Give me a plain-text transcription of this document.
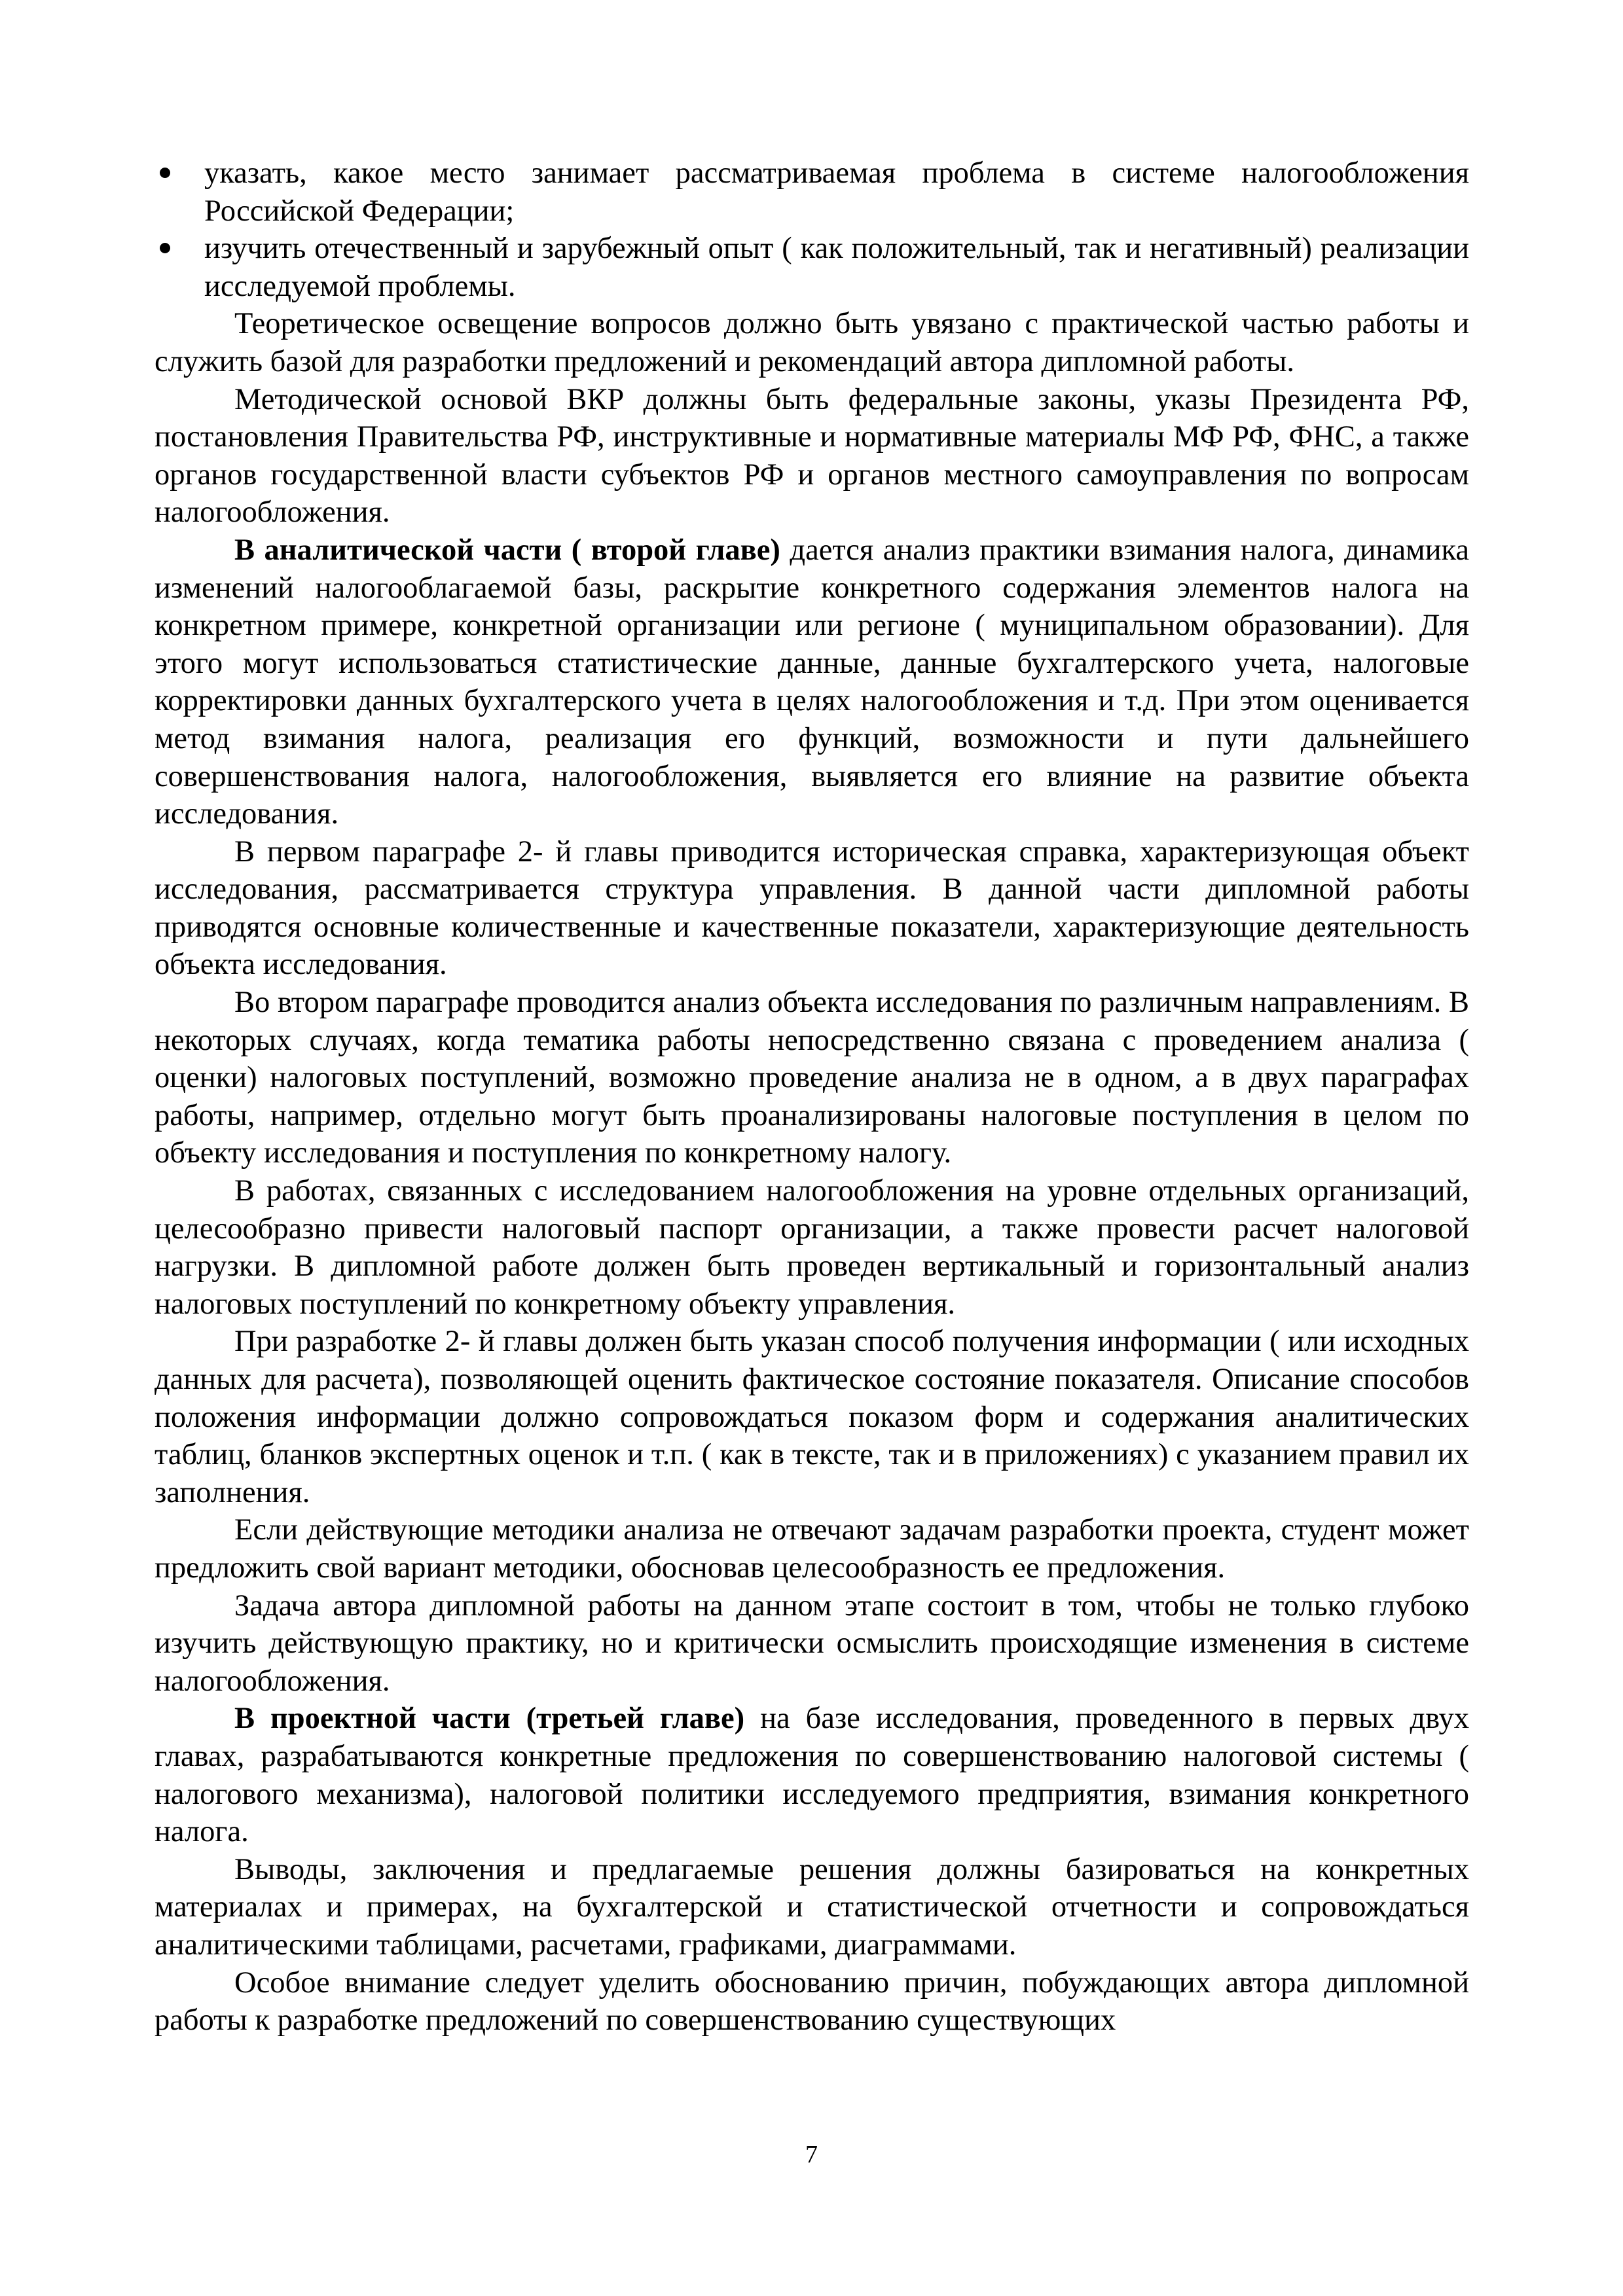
указать, какое место занимает рассматриваемая проблема в системе налогообложения Российской Федерации;
изучить отечественный и зарубежный опыт ( как положительный, так и негативный) реализации исследуемой проблемы.

Теоретическое освещение вопросов должно быть увязано с практической частью работы и служить базой для разработки предложений и рекомендаций автора дипломной работы.

Методической основой ВКР должны быть федеральные законы, указы Президента РФ, постановления Правительства РФ, инструктивные и нормативные материалы МФ РФ, ФНС, а также органов государственной власти субъектов РФ и органов местного самоуправления по вопросам налогообложения.

В аналитической части ( второй главе) дается анализ практики взимания налога, динамика изменений налогооблагаемой базы, раскрытие конкретного содержания элементов налога на конкретном примере, конкретной организации или регионе ( муниципальном образовании). Для этого могут использоваться статистические данные, данные бухгалтерского учета, налоговые корректировки данных бухгалтерского учета в целях налогообложения и т.д. При этом оценивается метод взимания налога, реализация его функций, возможности и пути дальнейшего совершенствования налога, налогообложения, выявляется его влияние на развитие объекта исследования.

В первом параграфе 2- й главы приводится историческая справка, характеризующая объект исследования, рассматривается структура управления. В данной части дипломной работы приводятся основные количественные и качественные показатели, характеризующие деятельность объекта исследования.

Во втором параграфе проводится анализ объекта исследования по различным направлениям. В некоторых случаях, когда тематика работы непосредственно связана с проведением анализа ( оценки) налоговых поступлений, возможно проведение анализа не в одном, а в двух параграфах работы, например, отдельно могут быть проанализированы налоговые поступления в целом по объекту исследования и поступления по конкретному налогу.

В работах, связанных с исследованием налогообложения на уровне отдельных организаций, целесообразно привести налоговый паспорт организации, а также провести расчет налоговой нагрузки. В дипломной работе должен быть проведен вертикальный и горизонтальный анализ налоговых поступлений по конкретному объекту управления.

При разработке 2- й главы должен быть указан способ получения информации ( или исходных данных для расчета), позволяющей оценить фактическое состояние показателя. Описание способов положения информации должно сопровождаться показом форм и содержания аналитических таблиц, бланков экспертных оценок и т.п. ( как в тексте, так и в приложениях) с указанием правил их заполнения.

Если действующие методики анализа не отвечают задачам разработки проекта, студент может предложить свой вариант методики, обосновав целесообразность ее предложения.

Задача автора дипломной работы на данном этапе состоит в том, чтобы не только глубоко изучить действующую практику, но и критически осмыслить происходящие изменения в системе налогообложения.

В проектной части (третьей главе) на базе исследования, проведенного в первых двух главах, разрабатываются конкретные предложения по совершенствованию налоговой системы ( налогового механизма), налоговой политики исследуемого предприятия, взимания конкретного налога.

Выводы, заключения и предлагаемые решения должны базироваться на конкретных материалах и примерах, на бухгалтерской и статистической отчетности и сопровождаться аналитическими таблицами, расчетами, графиками, диаграммами.

Особое внимание следует уделить обоснованию причин, побуждающих автора дипломной работы к разработке предложений по совершенствованию существующих

7
